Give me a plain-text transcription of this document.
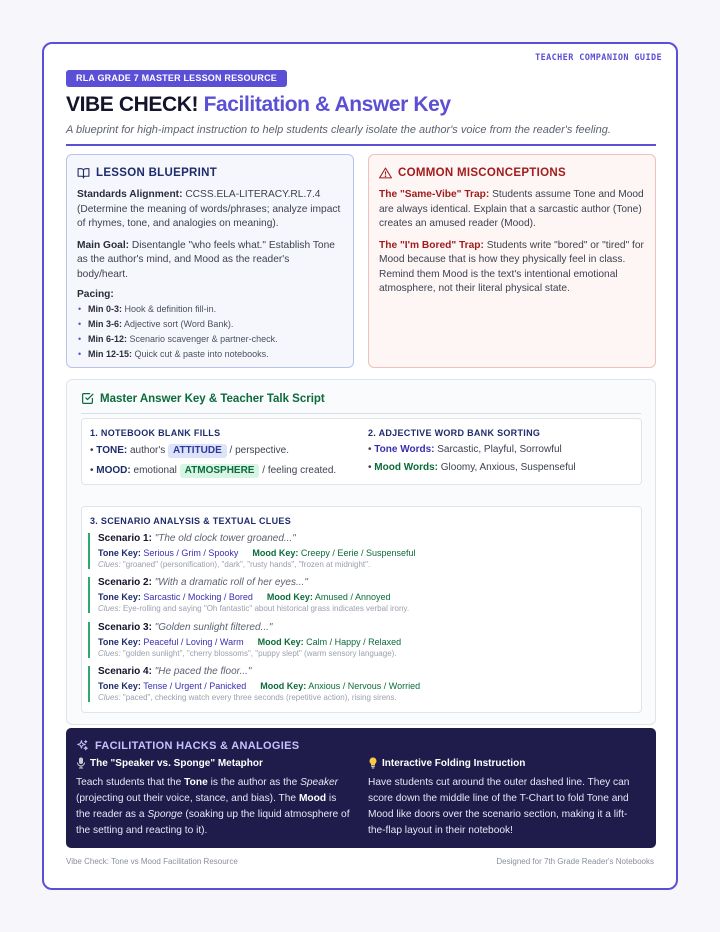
TEACHER COMPANION GUIDE
RLA GRADE 7 MASTER LESSON RESOURCE
VIBE CHECK! Facilitation & Answer Key
A blueprint for high-impact instruction to help students clearly isolate the author's voice from the reader's feeling.
LESSON BLUEPRINT

Standards Alignment: CCSS.ELA-LITERACY.RL.7.4 (Determine the meaning of words/phrases; analyze impact of rhymes, tone, and analogies on meaning).

Main Goal: Disentangle "who feels what." Establish Tone as the author's mind, and Mood as the reader's body/heart.

Pacing:
• Min 0-3: Hook & definition fill-in.
• Min 3-6: Adjective sort (Word Bank).
• Min 6-12: Scenario scavenger & partner-check.
• Min 12-15: Quick cut & paste into notebooks.
COMMON MISCONCEPTIONS

The "Same-Vibe" Trap: Students assume Tone and Mood are always identical. Explain that a sarcastic author (Tone) creates an amused reader (Mood).

The "I'm Bored" Trap: Students write "bored" or "tired" for Mood because that is how they physically feel in class. Remind them Mood is the text's intentional emotional atmosphere, not their literal physical state.

Master Answer Key & Teacher Talk Script
1. NOTEBOOK BLANK FILLS
• TONE: author's ATTITUDE / perspective.
• MOOD: emotional ATMOSPHERE / feeling created.
2. ADJECTIVE WORD BANK SORTING
• Tone Words: Sarcastic, Playful, Sorrowful
• Mood Words: Gloomy, Anxious, Suspenseful
3. SCENARIO ANALYSIS & TEXTUAL CLUES
Scenario 1: "The old clock tower groaned..."
Tone Key: Serious / Grim / Spooky Mood Key: Creepy / Eerie / Suspenseful
Clues: "groaned" (personification), "dark", "rusty hands", "frozen at midnight".
Scenario 2: "With a dramatic roll of her eyes..."
Tone Key: Sarcastic / Mocking / Bored Mood Key: Amused / Annoyed
Clues: Eye-rolling and saying "Oh fantastic" about historical grass indicates verbal irony.
Scenario 3: "Golden sunlight filtered..."
Tone Key: Peaceful / Loving / Warm Mood Key: Calm / Happy / Relaxed
Clues: "golden sunlight", "cherry blossoms", "puppy slept" (warm sensory language).
Scenario 4: "He paced the floor..."
Tone Key: Tense / Urgent / Panicked Mood Key: Anxious / Nervous / Worried
Clues: "paced", checking watch every three seconds (repetitive action), rising sirens.
FACILITATION HACKS & ANALOGIES
The "Speaker vs. Sponge" Metaphor

Teach students that the Tone is the author as the Speaker (projecting out their voice, stance, and bias). The Mood is the reader as a Sponge (soaking up the liquid atmosphere of the setting and reacting to it).

Interactive Folding Instruction

Have students cut around the outer dashed line. They can score down the middle line of the T-Chart to fold Tone and Mood like doors over the scenario section, making it a lift-the-flap layout in their notebook!

Vibe Check: Tone vs Mood Facilitation Resource	Designed for 7th Grade Reader's Notebooks
